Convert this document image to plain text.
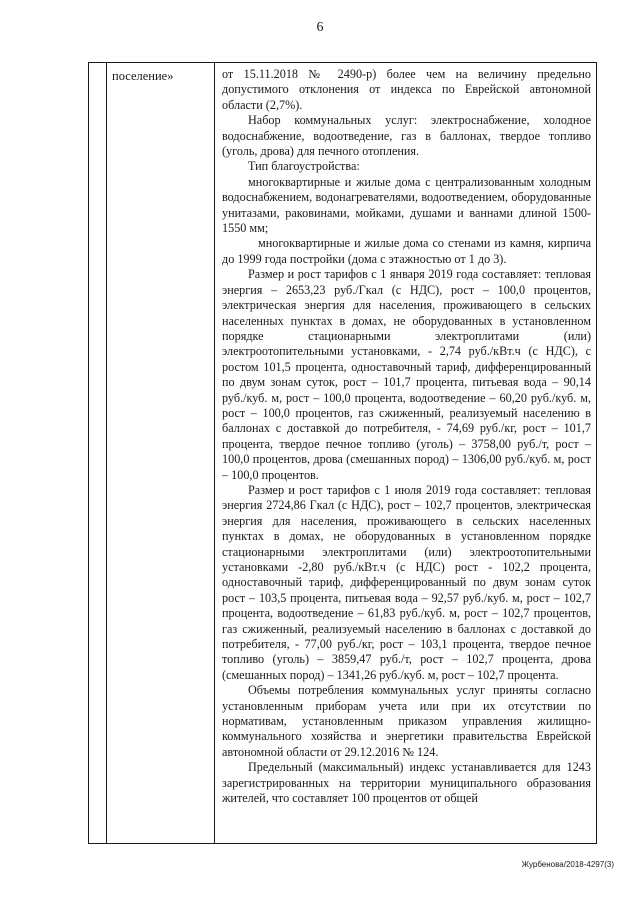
6

поселение»	от 15.11.2018 № 2490-р) более чем на величину предельно допустимого отклонения от индекса по Еврейской автономной области (2,7%).

Набор коммунальных услуг: электроснабжение, холодное водоснабжение, водоотведение, газ в баллонах, твердое топливо (уголь, дрова) для печного отопления.

Тип благоустройства:

многоквартирные и жилые дома с централизованным холодным водоснабжением, водонагревателями, водоотведением, оборудованные унитазами, раковинами, мойками, душами и ваннами длиной 1500-1550 мм;

многоквартирные и жилые дома со стенами из камня, кирпича до 1999 года постройки (дома с этажностью от 1 до 3).

Размер и рост тарифов с 1 января 2019 года составляет: тепловая энергия – 2653,23 руб./Гкал (с НДС), рост – 100,0 процентов, электрическая энергия для населения, проживающего в сельских населенных пунктах в домах, не оборудованных в установленном порядке стационарными электроплитами (или) электроотопительными установками, - 2,74 руб./кВт.ч (с НДС), с ростом 101,5 процента, одноставочный тариф, дифференцированный по двум зонам суток, рост – 101,7 процента, питьевая вода – 90,14 руб./куб. м, рост – 100,0 процента, водоотведение – 60,20 руб./куб. м, рост – 100,0 процентов, газ сжиженный, реализуемый населению в баллонах с доставкой до потребителя, - 74,69 руб./кг, рост – 101,7 процента, твердое печное топливо (уголь) – 3758,00 руб./т, рост – 100,0 процентов, дрова (смешанных пород) – 1306,00 руб./куб. м, рост – 100,0 процентов.

Размер и рост тарифов с 1 июля 2019 года составляет: тепловая энергия 2724,86 Гкал (с НДС), рост – 102,7 процентов, электрическая энергия для населения, проживающего в сельских населенных пунктах в домах, не оборудованных в установленном порядке стационарными электроплитами (или) электроотопительными установками -2,80 руб./кВт.ч (с НДС) рост - 102,2 процента, одноставочный тариф, дифференцированный по двум зонам суток рост – 103,5 процента, питьевая вода – 92,57 руб./куб. м, рост – 102,7 процента, водоотведение – 61,83 руб./куб. м, рост – 102,7 процентов, газ сжиженный, реализуемый населению в баллонах с доставкой до потребителя, - 77,00 руб./кг, рост – 103,1 процента, твердое печное топливо (уголь) – 3859,47 руб./т, рост – 102,7 процента, дрова (смешанных пород) – 1341,26 руб./куб. м, рост – 102,7 процента.

Объемы потребления коммунальных услуг приняты согласно установленным приборам учета или при их отсутствии по нормативам, установленным приказом управления жилищно-коммунального хозяйства и энергетики правительства Еврейской автономной области от 29.12.2016 № 124.

Предельный (максимальный) индекс устанавливается для 1243 зарегистрированных на территории муниципального образования жителей, что составляет 100 процентов от общей

Журбенова/2018-4297(3)
